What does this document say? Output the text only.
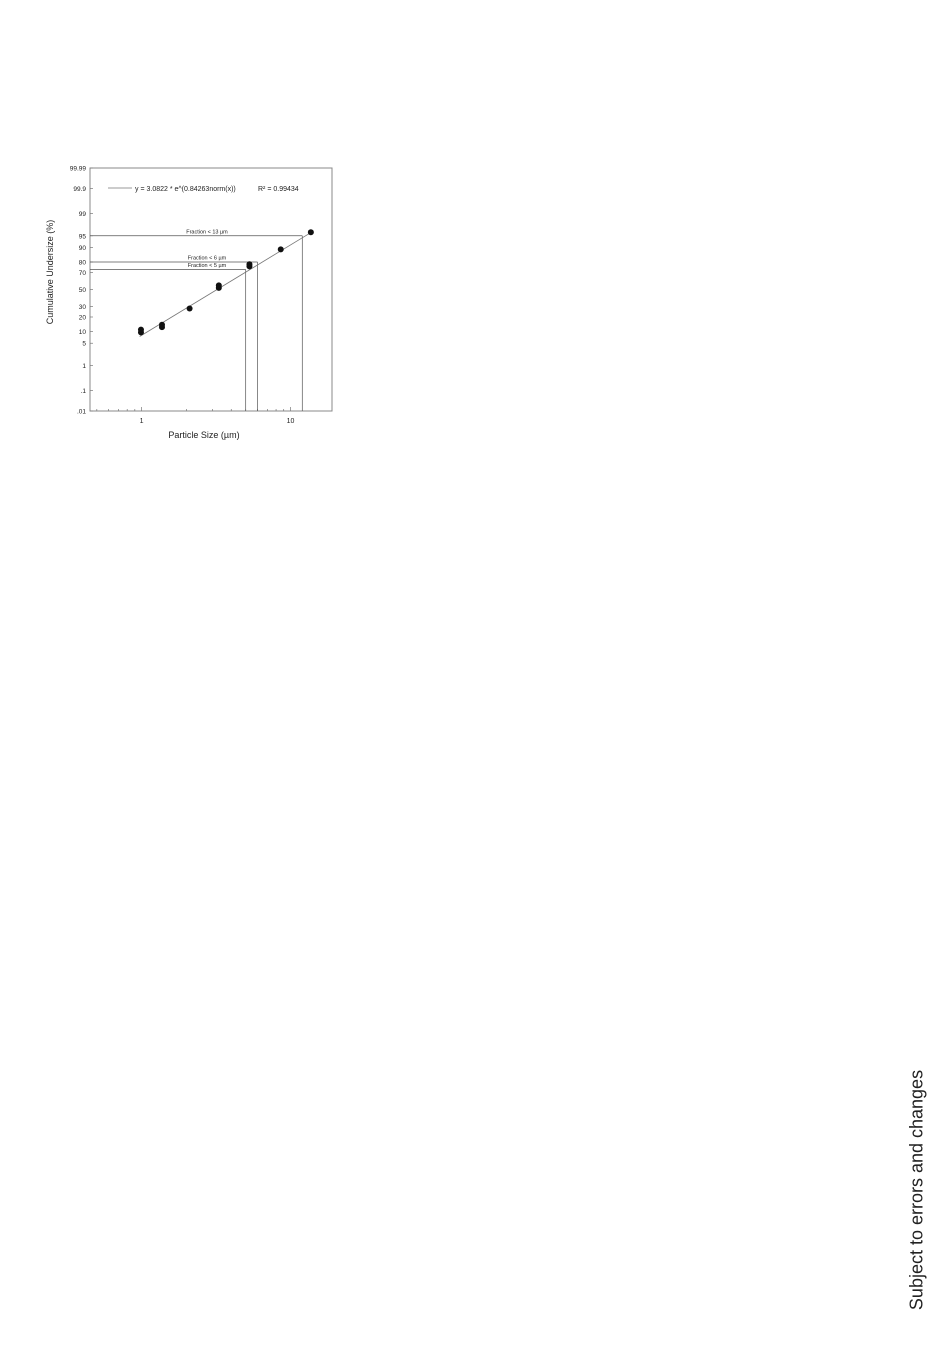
1	10
.01
.1
1
5
10
20
30
50
70
80
90
95
99
99.9
99.99
Fraction < 13 µm
Fraction < 6 µm
Fraction < 5 µm
y = 3.0822 * e^(0.84263norm(x))	R² = 0.99434
Particle Size (µm)
Cumulative Undersize (%)
Subject to errors and changes
